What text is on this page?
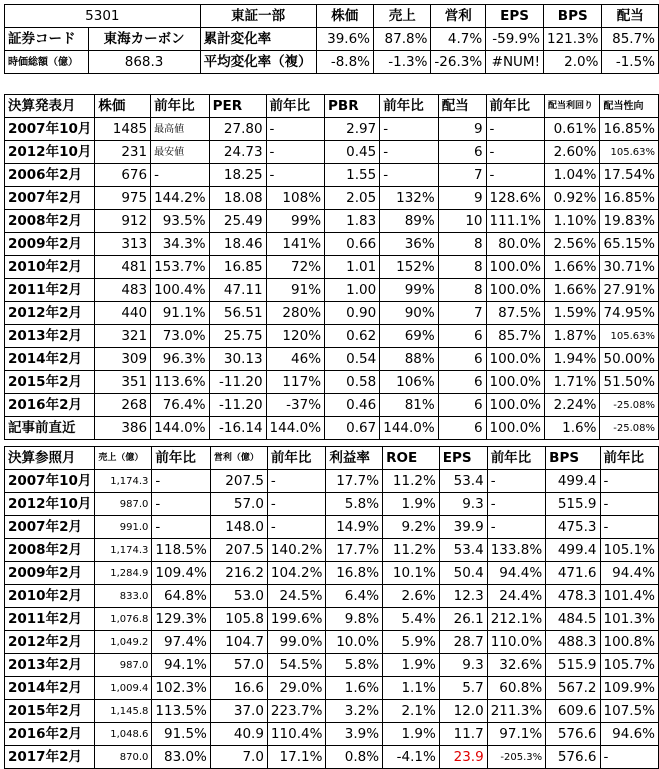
5301		東証一部	株価	売上	営利	EPS	BPS	配当
証券コード	東海カーボン	累計変化率	39.6%	87.8%	4.7%	-59.9%	121.3%	85.7%
時価総額（億）	868.3	平均変化率（複）	-8.8%	-1.3%	-26.3%	#NUM!	2.0%	-1.5%
決算発表月	株価	前年比	PER	前年比	PBR	前年比	配当	前年比	配当利回り	配当性向
2007年10月	1485	最高値	27.80	-	2.97	-	9	-	0.61%	16.85%
2012年10月	231	最安値	24.73	-	0.45	-	6	-	2.60%	105.63%
2006年2月	676	-	18.25	-	1.55	-	7	-	1.04%	17.54%
2007年2月	975	144.2%	18.08	108%	2.05	132%	9	128.6%	0.92%	16.85%
2008年2月	912	93.5%	25.49	99%	1.83	89%	10	111.1%	1.10%	19.83%
2009年2月	313	34.3%	18.46	141%	0.66	36%	8	80.0%	2.56%	65.15%
2010年2月	481	153.7%	16.85	72%	1.01	152%	8	100.0%	1.66%	30.71%
2011年2月	483	100.4%	47.11	91%	1.00	99%	8	100.0%	1.66%	27.91%
2012年2月	440	91.1%	56.51	280%	0.90	90%	7	87.5%	1.59%	74.95%
2013年2月	321	73.0%	25.75	120%	0.62	69%	6	85.7%	1.87%	105.63%
2014年2月	309	96.3%	30.13	46%	0.54	88%	6	100.0%	1.94%	50.00%
2015年2月	351	113.6%	-11.20	117%	0.58	106%	6	100.0%	1.71%	51.50%
2016年2月	268	76.4%	-11.20	-37%	0.46	81%	6	100.0%	2.24%	-25.08%
記事前直近	386	144.0%	-16.14	144.0%	0.67	144.0%	6	100.0%	1.6%	-25.08%
決算参照月	売上（億）	前年比	営利（億）	前年比	利益率	ROE	EPS	前年比	BPS	前年比
2007年10月	1,174.3	-	207.5	-	17.7%	11.2%	53.4	-	499.4	-
2012年10月	987.0	-	57.0	-	5.8%	1.9%	9.3	-	515.9	-
2007年2月	991.0	-	148.0	-	14.9%	9.2%	39.9	-	475.3	-
2008年2月	1,174.3	118.5%	207.5	140.2%	17.7%	11.2%	53.4	133.8%	499.4	105.1%
2009年2月	1,284.9	109.4%	216.2	104.2%	16.8%	10.1%	50.4	94.4%	471.6	94.4%
2010年2月	833.0	64.8%	53.0	24.5%	6.4%	2.6%	12.3	24.4%	478.3	101.4%
2011年2月	1,076.8	129.3%	105.8	199.6%	9.8%	5.4%	26.1	212.1%	484.5	101.3%
2012年2月	1,049.2	97.4%	104.7	99.0%	10.0%	5.9%	28.7	110.0%	488.3	100.8%
2013年2月	987.0	94.1%	57.0	54.5%	5.8%	1.9%	9.3	32.6%	515.9	105.7%
2014年2月	1,009.4	102.3%	16.6	29.0%	1.6%	1.1%	5.7	60.8%	567.2	109.9%
2015年2月	1,145.8	113.5%	37.0	223.7%	3.2%	2.1%	12.0	211.3%	609.6	107.5%
2016年2月	1,048.6	91.5%	40.9	110.4%	3.9%	1.9%	11.7	97.1%	576.6	94.6%
2017年2月	870.0	83.0%	7.0	17.1%	0.8%	-4.1%	23.9	-205.3%	576.6	-
